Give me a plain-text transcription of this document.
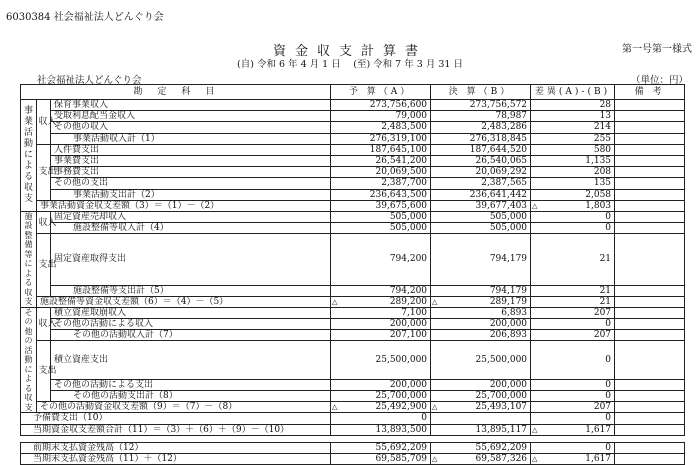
6030384 社会福祉法人どんぐり会
資金収支計算書	第一号第一様式
(自) 令和 6 年 4 月 1 日　 (至) 令和 7 年 3 月 31 日
社会福祉法人どんぐり会	（単位：円）
勘　定　科　目			予 算（A）	決 算（B）	差異(A)-(B)	備 考

事業活動による収支	収入	保育事業収入	273,756,600	273,756,572	28	
		受取利息配当金収入	79,000	78,987	13	
		その他の収入	2,483,500	2,483,286	214	
		事業活動収入計（1）	276,319,100	276,318,845	255	

	支出	人件費支出	187,645,100	187,644,520	580	
		事業費支出	26,541,200	26,540,065	1,135	
		事務費支出	20,069,500	20,069,292	208	
		その他の支出	2,387,700	2,387,565	135	
		事業活動支出計（2）	236,643,500	236,641,442	2,058	
	事業活動資金収支差額（3）＝（1）－（2）		39,675,600	39,677,403	△ 1,803	

施設整備等による収支	収入	固定資産売却収入	505,000	505,000	0	
		施設整備等収入計（4）	505,000	505,000	0	

	支出	固定資産取得支出	794,200	794,179	21	
		施設整備等支出計（5）	794,200	794,179	21	
	施設整備等資金収支差額（6）＝（4）－（5）		△ 289,200	△ 289,179	21	

その他の活動による収支	収入	積立資産取崩収入	7,100	6,893	207	
		その他の活動による収入	200,000	200,000	0	
		その他の活動収入計（7）	207,100	206,893	207	

	支出	積立資産支出	25,500,000	25,500,000	0	
		その他の活動による支出	200,000	200,000	0	
		その他の活動支出計（8）	25,700,000	25,700,000	0	
	その他の活動資金収支差額（9）＝（7）－（8）		△ 25,492,900	△ 25,493,107	207	
予備費支出（10）			0		0	
当期資金収支差額合計（11）＝（3）＋（6）＋（9）－（10）			13,893,500	13,895,117	△ 1,617	

前期末支払資金残高（12）			55,692,209	55,692,209	0	
当期末支払資金残高（11）＋（12）			69,585,709	△ 69,587,326	△ 1,617	
